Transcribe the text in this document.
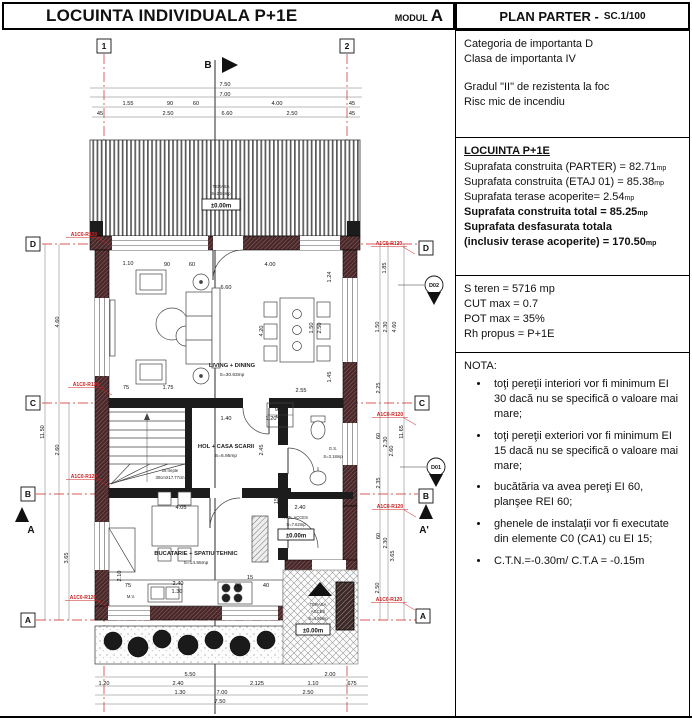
LOCUINTA INDIVIDUALA P+1E	MODUL A	PLAN PARTER - SC.1/100
Categoria de importanta D
Clasa de importanta IV
Gradul "II" de rezistenta la foc
Risc mic de incendiu
LOCUINTA P+1E
Suprafata construita (PARTER) = 82.71mp
Suprafata construita (ETAJ 01) = 85.38mp
Suprafata terase acoperite= 2.54mp
Suprafata construita total = 85.25mp
Suprafata desfasurata totala
(inclusiv terase acoperite) = 170.50mp
S teren = 5716 mp
CUT max = 0.7
POT max = 35%
Rh propus = P+1E
NOTA:
• toţi pereţii interiori vor fi minimum EI 30 dacă nu se specifică o valoare mai mare;
• toţi pereţii exteriori vor fi minimum EI 15 dacă nu se specifică o valoare mai mare;
• bucătăria va avea pereţi EI 60, planşee REI 60;
• ghenele de instalaţii vor fi executate din elemente C0 (CA1) cu EI 15;
• C.T.N.=-0.30m/ C.T.A = -0.15m
B
TERASA
S=2.54mp
±0.00m
TERASA
ACCES
S=4.96mp
±0.00m
LIVING + DINING
S=30.63mp
HOL + CASA SCARII
S=6.95mp
16 trepte
30cmX17.77cm
M.R./
M.U.
G.S.
S=3.18mp
BUCATARIE + SPATIU TEHNIC
S=14.55mp
M.V.
HOL ACCES
S=7.62mp
±0.00m
A	A'
1	2
D
C
B
A
D
C
B
A
D02
D01
7.50
7.00
1.55	90	60	4.00	45
45	2.50	6.60	2.50	45
5.50	2.00
1.20	2.40	2.125	1.10	675
1.30	7.00	2.50
7.50
11.50
4.60
2.60
3.65
1.85
1.50 2.30 4.60
2.25
60
2.30
2.60
11.65
2.35
60
2.30
3.65
2.50
1.10	90	60	4.00
6.60
4.20
1.24
1.50 2.50
1.45
75	1.75	2.55
1.40	1.20
2.45
4.05	2.40
15
2.40
1.30
90	40
15
2.10
75
A1C0-R120
A1C0-R120
A1C0-R120
A1C0-R120
A1C0-R120
A1C0-R120
A1C0-R120
A1C0-R120
